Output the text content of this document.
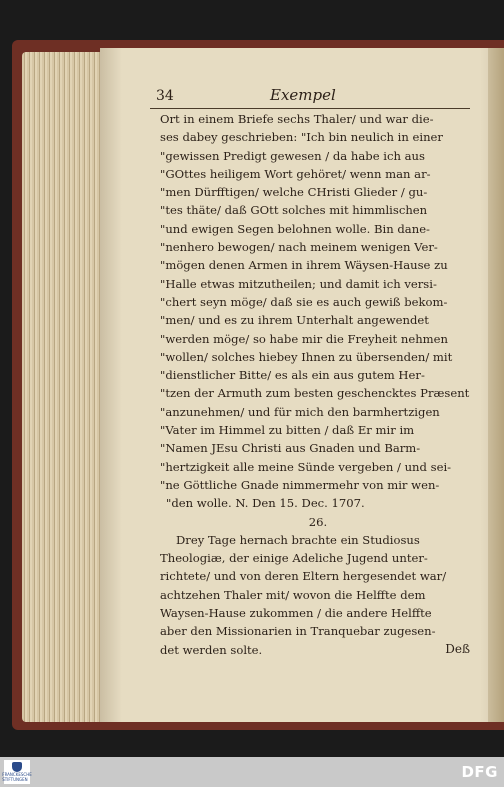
34	Exempel
Ort in einem Briefe sechs Thaler/ und war die-
ses dabey geschrieben: "Ich bin neulich in einer
"gewissen Predigt gewesen / da habe ich aus
"GOttes heiligem Wort gehöret/ wenn man ar-
"men Dürfftigen/ welche CHristi Glieder / gu-
"tes thäte/ daß GOtt solches mit himmlischen
"und ewigen Segen belohnen wolle. Bin dane-
"nenhero bewogen/ nach meinem wenigen Ver-
"mögen denen Armen in ihrem Wäysen-Hause zu
"Halle etwas mitzutheilen; und damit ich versi-
"chert seyn möge/ daß sie es auch gewiß bekom-
"men/ und es zu ihrem Unterhalt angewendet
"werden möge/ so habe mir die Freyheit nehmen
"wollen/ solches hiebey Ihnen zu übersenden/ mit
"dienstlicher Bitte/ es als ein aus gutem Her-
"tzen der Armuth zum besten geschencktes Præsent
"anzunehmen/ und für mich den barmhertzigen
"Vater im Himmel zu bitten / daß Er mir im
"Namen JEsu Christi aus Gnaden und Barm-
"hertzigkeit alle meine Sünde vergeben / und sei-
"ne Göttliche Gnade nimmermehr von mir wen-
"den wolle. N. Den 15. Dec. 1707.
26.
Drey Tage hernach brachte ein Studiosus
Theologiæ, der einige Adeliche Jugend unter-
richtete/ und von deren Eltern hergesendet war/
achtzehen Thaler mit/ wovon die Helffte dem
Waysen-Hause zukommen / die andere Helffte
aber den Missionarien in Tranquebar zugesen-
det werden solte.	Deß
FRANCKESCHE STIFTUNGEN	DFG
